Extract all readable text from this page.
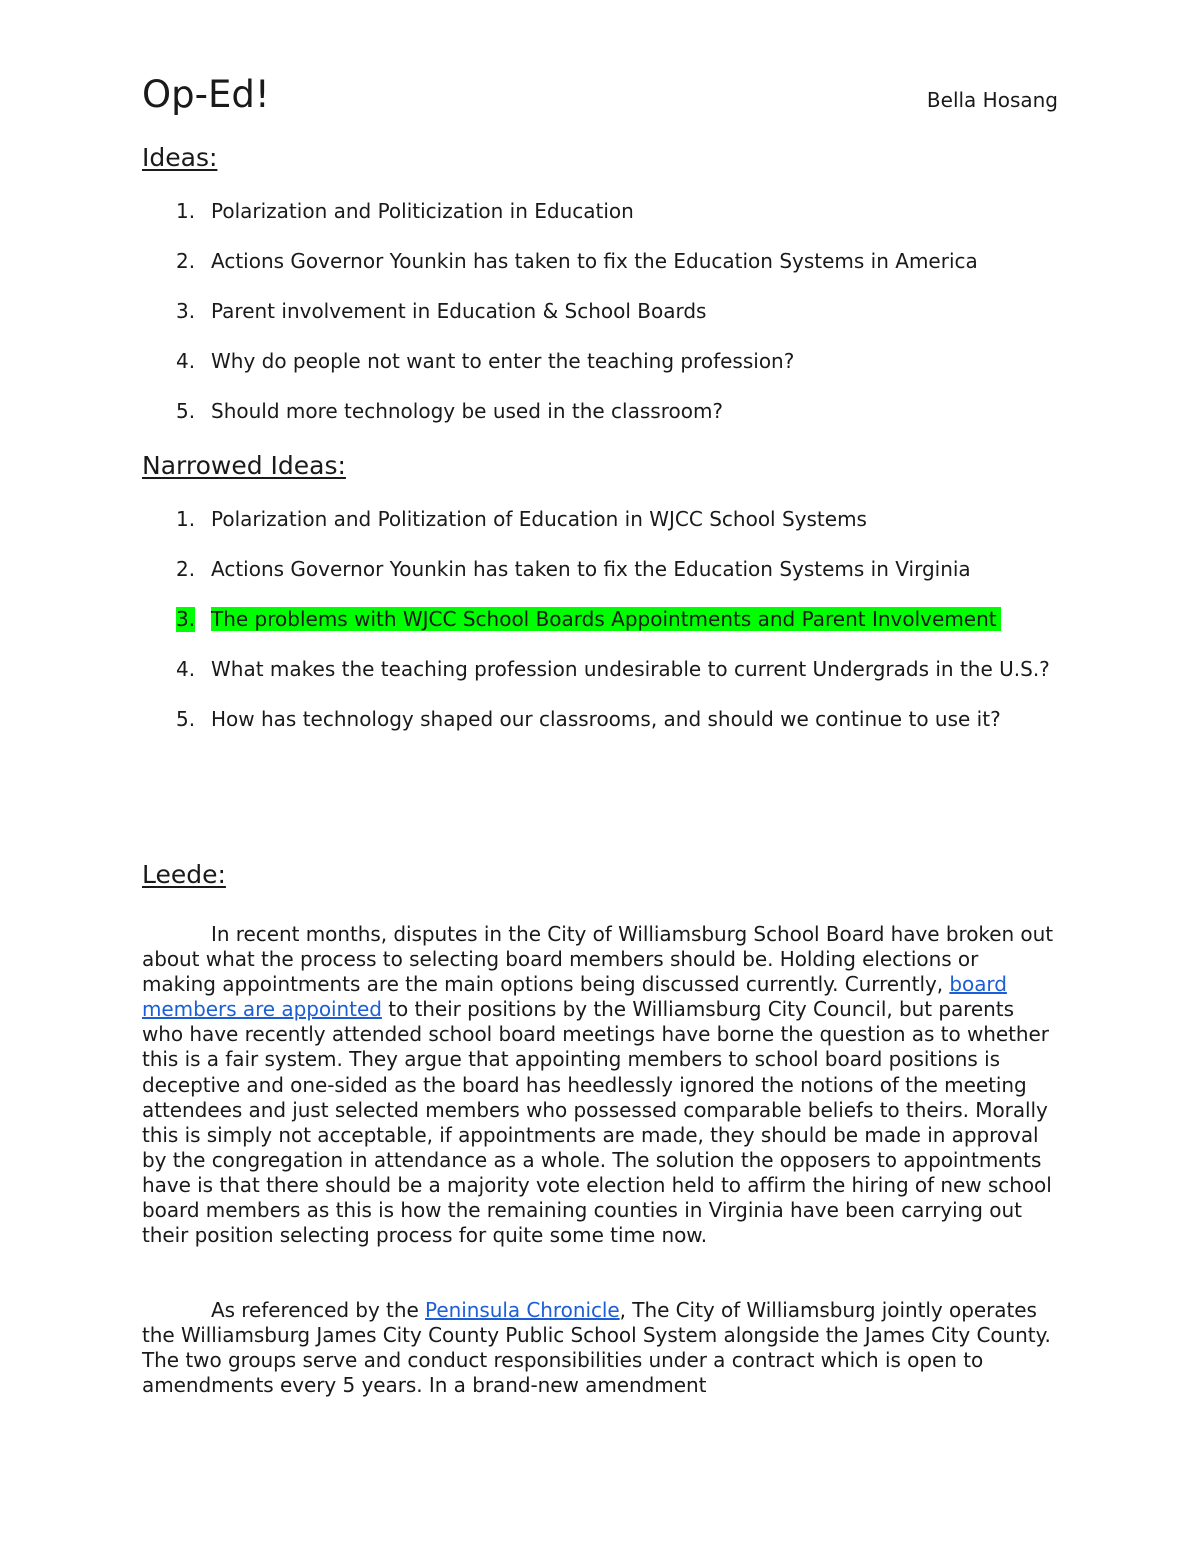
Op-Ed!	Bella Hosang
Ideas:
1. Polarization and Politicization in Education
2. Actions Governor Younkin has taken to fix the Education Systems in America
3. Parent involvement in Education & School Boards
4. Why do people not want to enter the teaching profession?
5. Should more technology be used in the classroom?
Narrowed Ideas:
1. Polarization and Politization of Education in WJCC School Systems
2. Actions Governor Younkin has taken to fix the Education Systems in Virginia
3. The problems with WJCC School Boards Appointments and Parent Involvement
4. What makes the teaching profession undesirable to current Undergrads in the U.S.?
5. How has technology shaped our classrooms, and should we continue to use it?
Leede:

In recent months, disputes in the City of Williamsburg School Board have broken out about what the process to selecting board members should be. Holding elections or making appointments are the main options being discussed currently. Currently, board members are appointed to their positions by the Williamsburg City Council, but parents who have recently attended school board meetings have borne the question as to whether this is a fair system. They argue that appointing members to school board positions is deceptive and one-sided as the board has heedlessly ignored the notions of the meeting attendees and just selected members who possessed comparable beliefs to theirs. Morally this is simply not acceptable, if appointments are made, they should be made in approval by the congregation in attendance as a whole. The solution the opposers to appointments have is that there should be a majority vote election held to affirm the hiring of new school board members as this is how the remaining counties in Virginia have been carrying out their position selecting process for quite some time now.

As referenced by the Peninsula Chronicle, The City of Williamsburg jointly operates the Williamsburg James City County Public School System alongside the James City County. The two groups serve and conduct responsibilities under a contract which is open to amendments every 5 years. In a brand-new amendment
